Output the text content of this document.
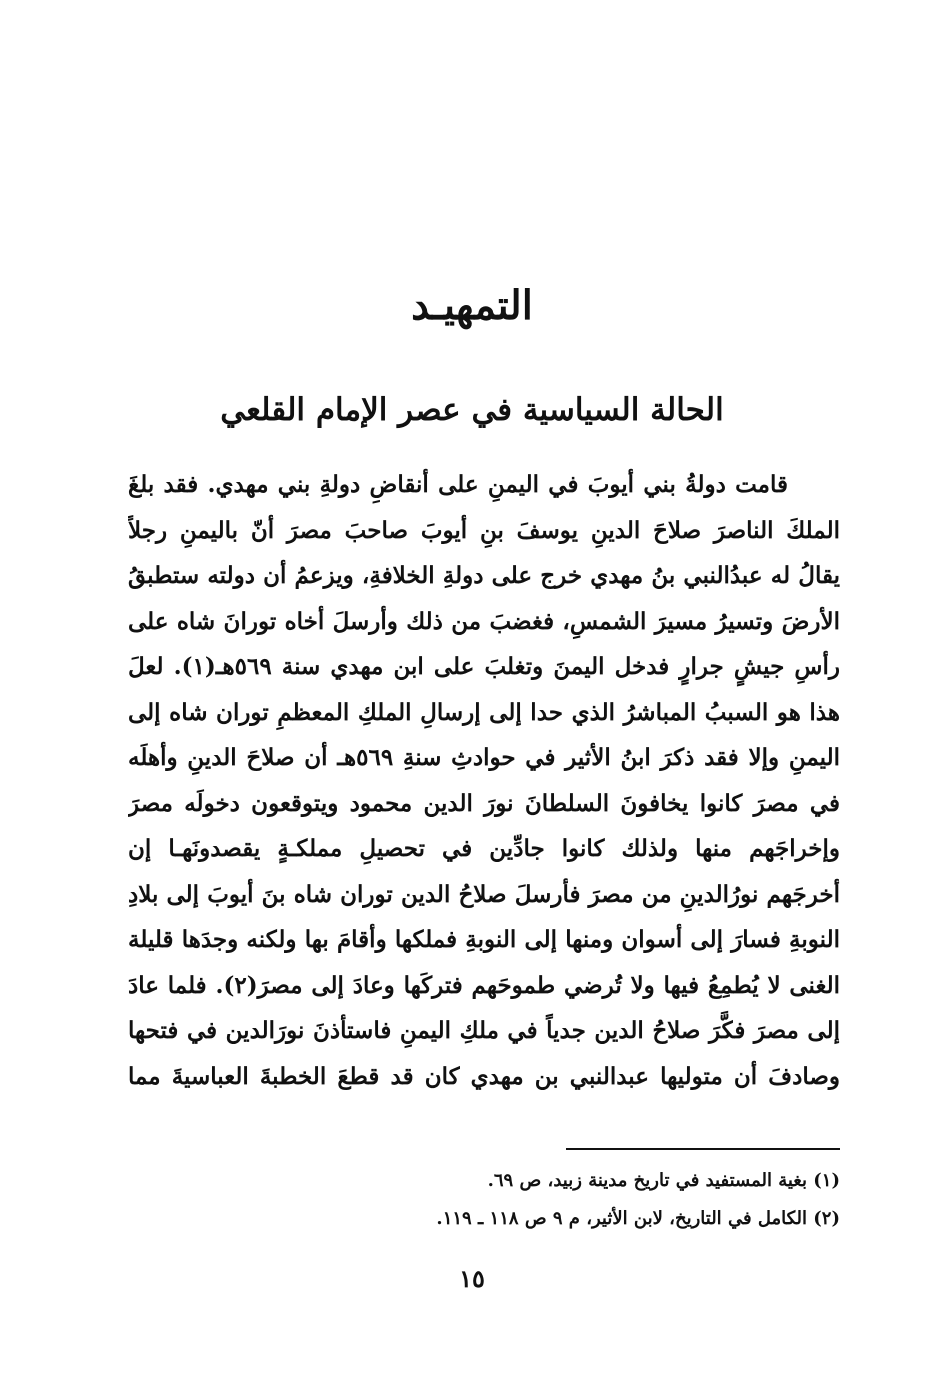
التمهيـد
الحالة السياسية في عصر الإمام القلعي
قامت دولةُ بني أيوبَ في اليمنِ على أنقاضِ دولةِ بني مهدي. فقد بلغَ
الملكَ الناصرَ صلاحَ الدينِ يوسفَ بنِ أيوبَ صاحبَ مصرَ أنّ باليمنِ رجلاً
يقالُ له عبدُالنبي بنُ مهدي خرج على دولةِ الخلافةِ، ويزعمُ أن دولته ستطبقُ
الأرضَ وتسيرُ مسيرَ الشمسِ، فغضبَ من ذلك وأرسلَ أخاه تورانَ شاه على
رأسِ جيشٍ جرارٍ فدخل اليمنَ وتغلبَ على ابن مهدي سنة ٥٦٩هـ(١). لعلَ
هذا هو السببُ المباشرُ الذي حدا إلى إرسالِ الملكِ المعظمِ توران شاه إلى
اليمنِ وإلا فقد ذكرَ ابنُ الأثير في حوادثِ سنةِ ٥٦٩هـ أن صلاحَ الدينِ وأهلَه
في مصرَ كانوا يخافونَ السلطانَ نورَ الدين محمود ويتوقعون دخولَه مصرَ
وإخراجَهم منها ولذلك كانوا جادِّين في تحصيلِ مملكـةٍ يقصدونَهـا إن
أخرجَهم نورُالدينِ من مصرَ فأرسلَ صلاحُ الدين توران شاه بنَ أيوبَ إلى بلادِ
النوبةِ فسارَ إلى أسوان ومنها إلى النوبةِ فملكها وأقامَ بها ولكنه وجدَها قليلة
الغنى لا يُطمِعُ فيها ولا تُرضي طموحَهم فتركَها وعادَ إلى مصرَ(٢). فلما عادَ
إلى مصرَ فكَّرَ صلاحُ الدين جدياً في ملكِ اليمنِ فاستأذنَ نورَالدين في فتحها
وصادفَ أن متوليها عبدالنبي بن مهدي كان قد قطعَ الخطبةَ العباسيةَ مما
(١) بغية المستفيد في تاريخ مدينة زبيد، ص ٦٩.
(٢) الكامل في التاريخ، لابن الأثير، م ٩ ص ١١٨ ـ ١١٩.
١٥
